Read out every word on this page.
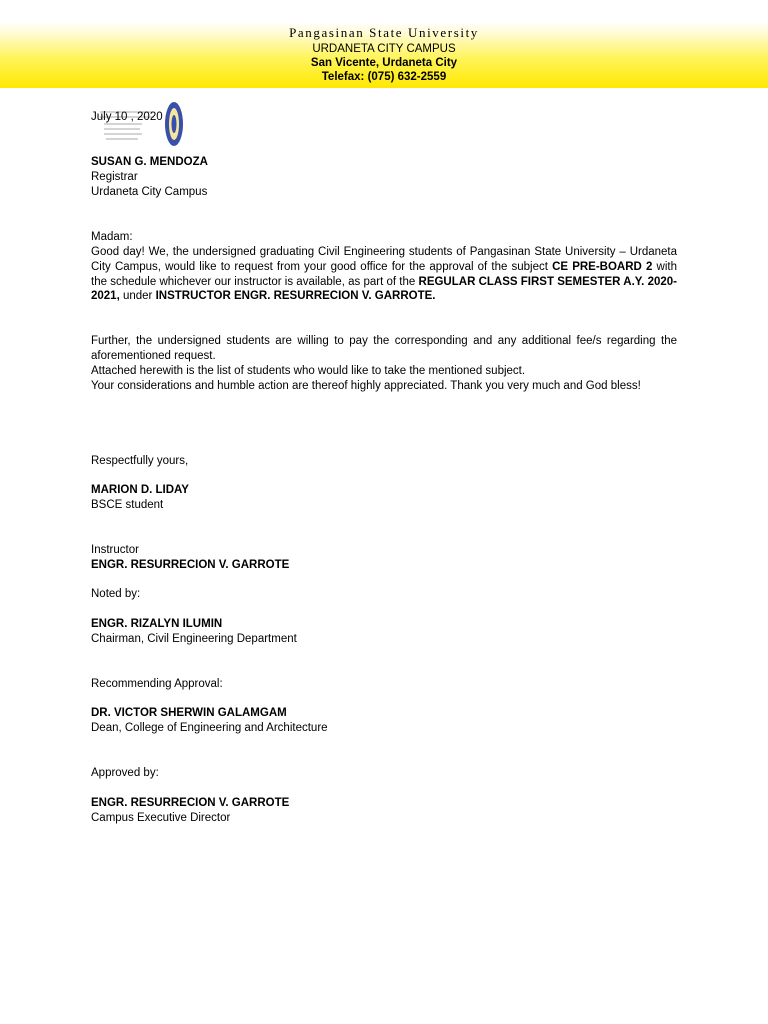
Pangasinan State University
URDANETA CITY CAMPUS
San Vicente, Urdaneta City
Telefax: (075) 632-2559
July 10 , 2020
SUSAN G. MENDOZA
Registrar
Urdaneta City Campus
Madam:
Good day! We, the undersigned graduating Civil Engineering students of Pangasinan State University – Urdaneta City Campus, would like to request from your good office for the approval of the subject CE PRE-BOARD 2 with the schedule whichever our instructor is available, as part of the REGULAR CLASS FIRST SEMESTER A.Y. 2020-2021, under INSTRUCTOR ENGR. RESURRECION V. GARROTE.
Further, the undersigned students are willing to pay the corresponding and any additional fee/s regarding the aforementioned request.
Attached herewith is the list of students who would like to take the mentioned subject.
Your considerations and humble action are thereof highly appreciated. Thank you very much and God bless!
Respectfully yours,
MARION D. LIDAY
BSCE student
Instructor
ENGR. RESURRECION V. GARROTE
Noted by:
ENGR. RIZALYN ILUMIN
Chairman, Civil Engineering Department
Recommending Approval:
DR. VICTOR SHERWIN GALAMGAM
Dean, College of Engineering and Architecture
Approved by:
ENGR. RESURRECION V. GARROTE
Campus Executive Director
